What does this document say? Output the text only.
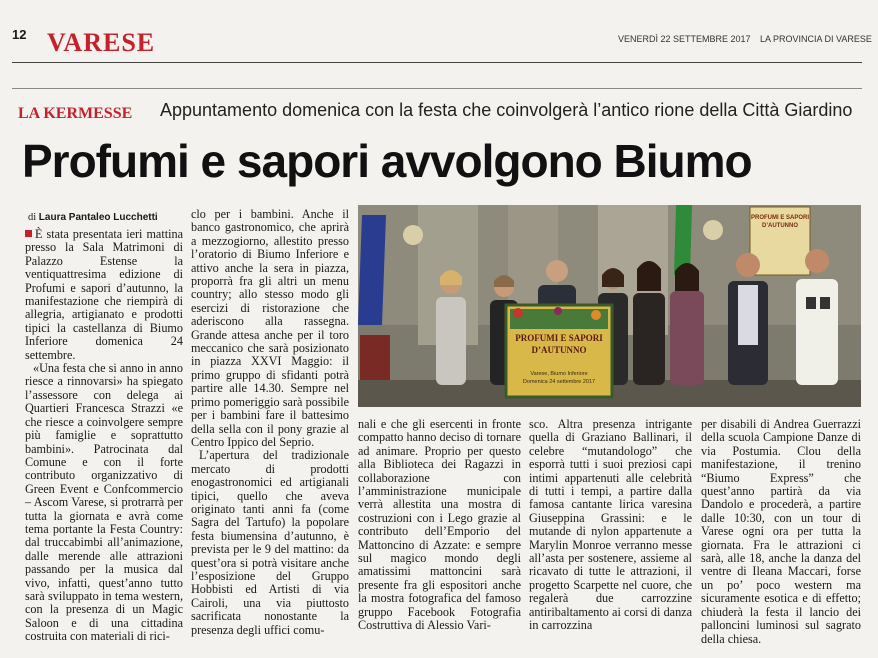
12 VARESE	VENERDÌ 22 SETTEMBRE 2017 LA PROVINCIA DI VARESE
LA KERMESSE Appuntamento domenica con la festa che coinvolgerà l’antico rione della Città Giardino
Profumi e sapori avvolgono Biumo
di Laura Pantaleo Lucchetti

È stata presentata ieri mattina presso la Sala Matrimoni di Palazzo Estense la ventiquattresima edizione di Profumi e sapori d’autunno, la manifestazione che riempirà di allegria, artigianato e prodotti tipici la castellanza di Biumo Inferiore domenica 24 settembre.

«Una festa che si anno in anno riesce a rinnovarsi» ha spiegato l’assessore con delega ai Quartieri Francesca Strazzi «e che riesce a coinvolgere sempre più famiglie e soprattutto bambini». Patrocinata dal Comune e con il forte contributo organizzativo di Green Event e Confcommercio – Ascom Varese, si protrarrà per tutta la giornata e avrà come tema portante la Festa Country: dal truccabimbi all’animazione, dalle merende alle attrazioni passando per la musica dal vivo, infatti, quest’anno tutto sarà sviluppato in tema western, con la presenza di un Magic Saloon e di una cittadina costruita con materiali di rici-

clo per i bambini. Anche il banco gastronomico, che aprirà a mezzogiorno, allestito presso l’oratorio di Biumo Inferiore e attivo anche la sera in piazza, proporrà fra gli altri un menu country; allo stesso modo gli esercizi di ristorazione che aderiscono alla rassegna. Grande attesa anche per il toro meccanico che sarà posizionato in piazza XXVI Maggio: il primo gruppo di sfidanti potrà partire alle 14.30. Sempre nel primo pomeriggio sarà possibile per i bambini fare il battesimo della sella con il pony grazie al Centro Ippico del Seprio.

L’apertura del tradizionale mercato di prodotti enogastronomici ed artigianali tipici, quello che aveva originato tanti anni fa (come Sagra del Tartufo) la popolare festa biumensina d’autunno, è prevista per le 9 del mattino: da quest’ora si potrà visitare anche l’esposizione del Gruppo Hobbisti ed Artisti di via Cairoli, una via piuttosto sacrificata nonostante la presenza degli uffici comu-

nali e che gli esercenti in fronte compatto hanno deciso di tornare ad animare. Proprio per questo alla Biblioteca dei Ragazzi in collaborazione con l’amministrazione municipale verrà allestita una mostra di costruzioni con i Lego grazie al contributo dell’Emporio del Mattoncino di Azzate: e sempre sul magico mondo degli amatissimi mattoncini sarà presente fra gli espositori anche la mostra fotografica del famoso gruppo Facebook Fotografia Costruttiva di Alessio Vari-

sco. Altra presenza intrigante quella di Graziano Ballinari, il celebre “mutandologo” che esporrà tutti i suoi preziosi capi intimi appartenuti alle celebrità di tutti i tempi, a partire dalla famosa cantante lirica varesina Giuseppina Grassini: e le mutande di nylon appartenute a Marylin Monroe verranno messe all’asta per sostenere, assieme al ricavato di tutte le attrazioni, il progetto Scarpette nel cuore, che regalerà due carrozzine antiribaltamento ai corsi di danza in carrozzina

per disabili di Andrea Guerrazzi della scuola Campione Danze di via Postumia. Clou della manifestazione, il trenino “Biumo Express” che quest’anno partirà da via Dandolo e procederà, a partire dalle 10:30, con un tour di Varese ogni ora per tutta la giornata. Fra le attrazioni ci sarà, alle 18, anche la danza del ventre di Ileana Maccari, forse un po’ poco western ma sicuramente esotica e di effetto; chiuderà la festa il lancio dei palloncini luminosi sul sagrato della chiesa.

PROFUMI E SAPORI
D’AUTUNNO
PROFUMI E SAPORI
D’AUTUNNO
Varese, Biumo Inferiore
Domenica 24 settembre 2017
